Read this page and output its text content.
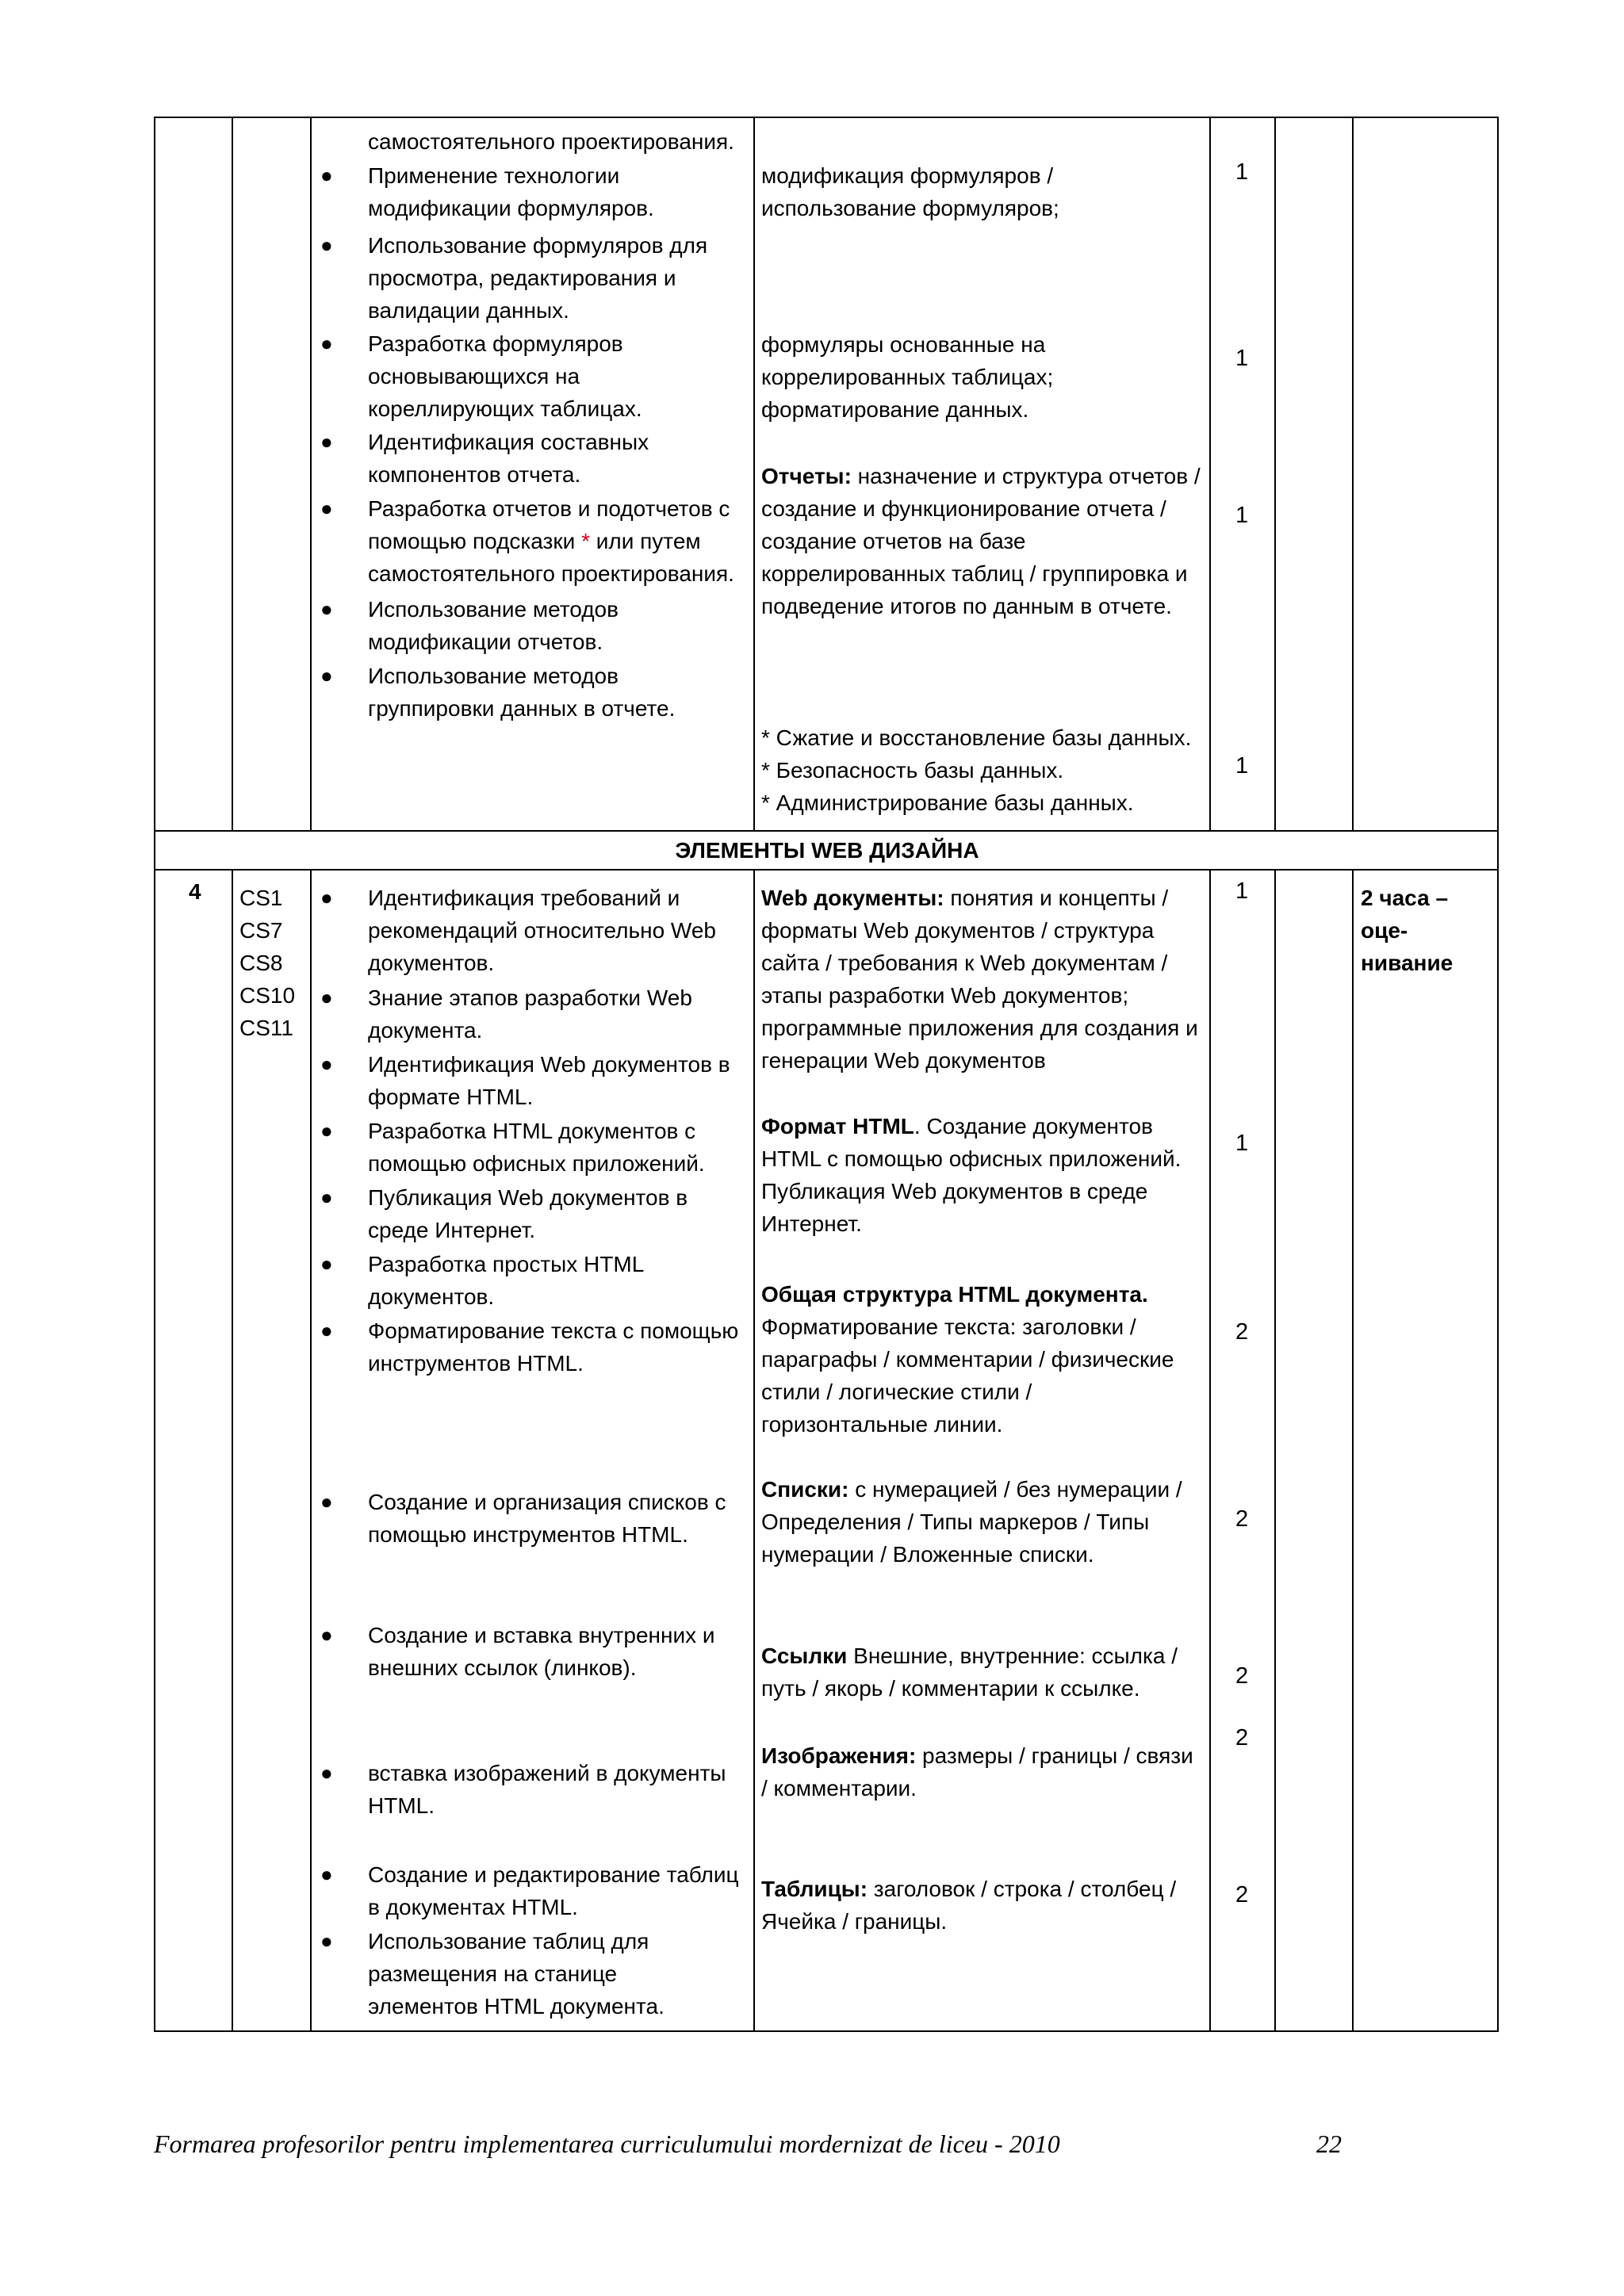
самостоятельного проектирования.
● Применение технологии модификации формуляров.
● Использование формуляров для просмотра, редактирования и валидации данных.
● Разработка формуляров основывающихся на кореллирующих таблицах.
● Идентификация составных компонентов отчета.
● Разработка отчетов и подотчетов с помощью подсказки * или путем самостоятельного проектирования.
● Использование методов модификации отчетов.
● Использование методов группировки данных в отчете.
модификация формуляров / использование формуляров;
формуляры основанные на коррелированных таблицах; форматирование данных.
Отчеты: назначение и структура отчетов / создание и функционирование отчета / создание отчетов на базе коррелированных таблиц / группировка и подведение итогов по данным в отчете.
* Сжатие и восстановление базы данных.
* Безопасность базы данных.
* Администрирование базы данных.
1
1
1
1
ЭЛЕМЕНТЫ WEB ДИЗАЙНА
4 CS1
CS7
CS8
CS10
CS11
● Идентификация требований и рекомендаций относительно Web документов.
● Знание этапов разработки Web документа.
● Идентификация Web документов в формате HTML.
● Разработка HTML документов с помощью офисных приложений.
● Публикация Web документов в среде Интернет.
● Разработка простых HTML документов.
● Форматирование текста с помощью инструментов HTML.
● Создание и организация списков с помощью инструментов HTML.
● Создание и вставка внутренних и внешних ссылок (линков).
● вставка изображений в документы HTML.
● Создание и редактирование таблиц в документах HTML.
● Использование таблиц для размещения на станице элементов HTML документа.
Web документы: понятия и концепты / форматы Web документов / структура сайта / требования к Web документам / этапы разработки Web документов; программные приложения для создания и генерации Web документов
Формат HTML. Создание документов HTML с помощью офисных приложений. Публикация Web документов в среде Интернет.
Общая структура HTML документа. Форматирование текста: заголовки / параграфы / комментарии / физические стили / логические стили / горизонтальные линии.
Списки: с нумерацией / без нумерации / Определения / Типы маркеров / Типы нумерации / Вложенные списки.
Ссылки Внешние, внутренние: ссылка / путь / якорь / комментарии к ссылке.
Изображения: размеры / границы / связи / комментарии.
Таблицы: заголовок / строка / столбец / Ячейка / границы.
1
1
2
2
2
2
2
2 часа – оце-нивание
Formarea profesorilor pentru implementarea curriculumului mordernizat de liceu - 2010	22
